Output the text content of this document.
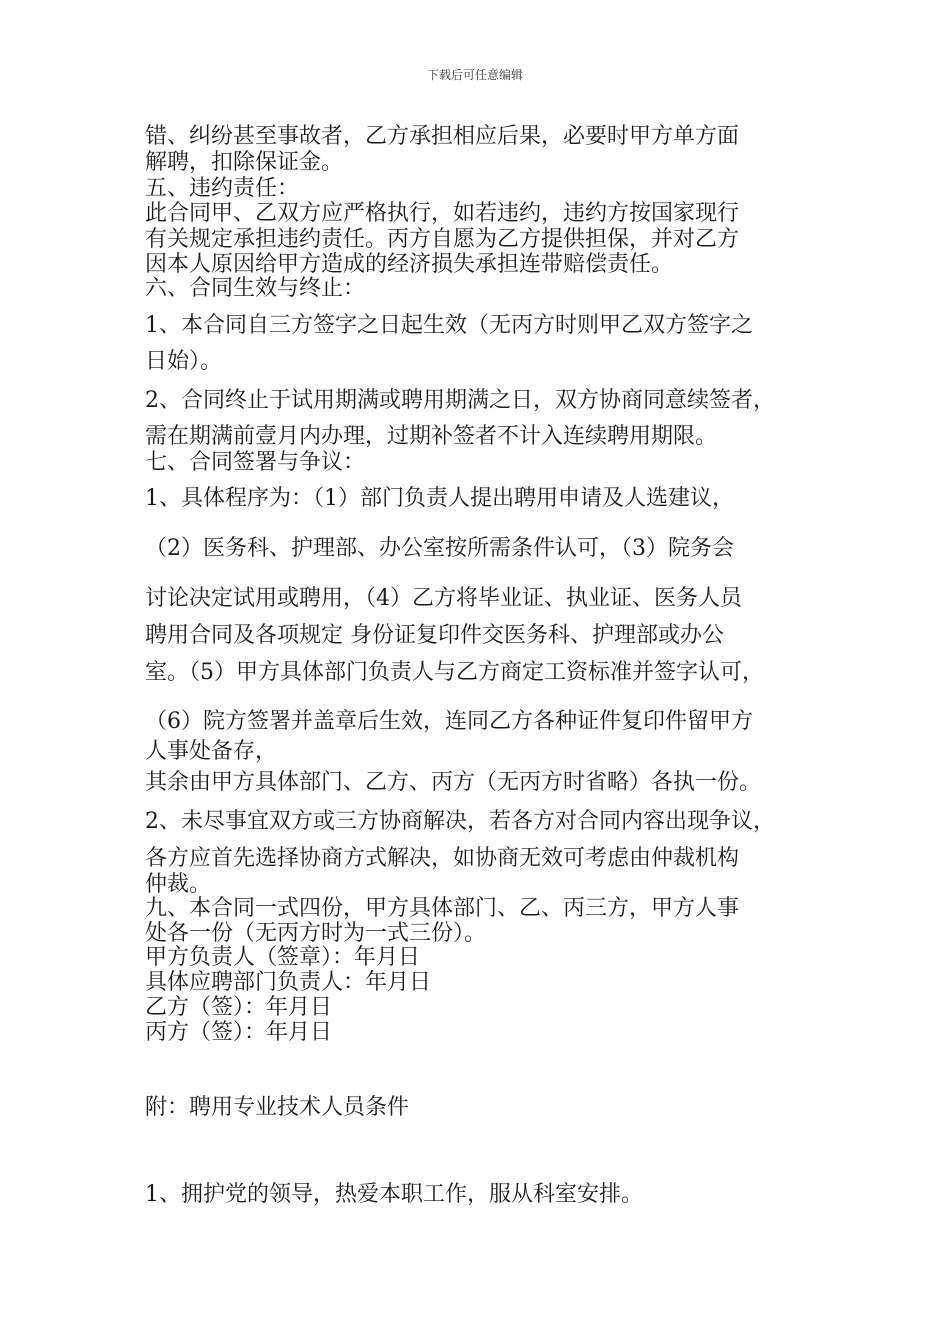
下载后可任意编辑
错、纠纷甚至事故者，乙方承担相应后果，必要时甲方单方面
解聘，扣除保证金。
五、违约责任：
此合同甲、乙双方应严格执行，如若违约，违约方按国家现行
有关规定承担违约责任。丙方自愿为乙方提供担保，并对乙方
因本人原因给甲方造成的经济损失承担连带赔偿责任。
六、合同生效与终止：
1、本合同自三方签字之日起生效（无丙方时则甲乙双方签字之
日始）。
2、合同终止于试用期满或聘用期满之日，双方协商同意续签者，
需在期满前壹月内办理，过期补签者不计入连续聘用期限。
七、合同签署与争议：
1、具体程序为：（1）部门负责人提出聘用申请及人选建议，
（2）医务科、护理部、办公室按所需条件认可，（3）院务会
讨论决定试用或聘用，（4）乙方将毕业证、执业证、医务人员
聘用合同及各项规定 身份证复印件交医务科、护理部或办公
室。（5）甲方具体部门负责人与乙方商定工资标准并签字认可，
（6）院方签署并盖章后生效，连同乙方各种证件复印件留甲方
人事处备存，
其余由甲方具体部门、乙方、丙方（无丙方时省略）各执一份。
2、未尽事宜双方或三方协商解决，若各方对合同内容出现争议，
各方应首先选择协商方式解决，如协商无效可考虑由仲裁机构
仲裁。
九、本合同一式四份，甲方具体部门、乙、丙三方，甲方人事
处各一份（无丙方时为一式三份）。
甲方负责人（签章）：年月日
具体应聘部门负责人：年月日
乙方（签）：年月日
丙方（签）：年月日
附：聘用专业技术人员条件
1、拥护党的领导，热爱本职工作，服从科室安排。
